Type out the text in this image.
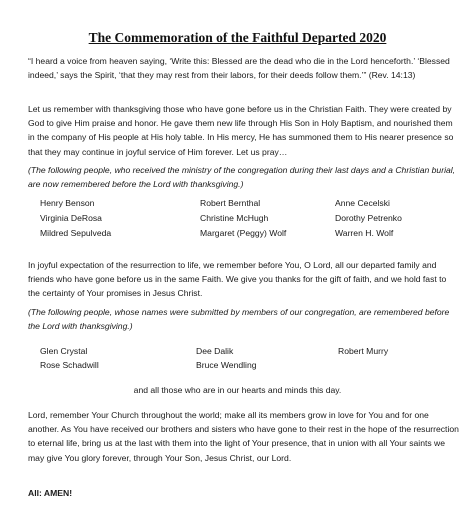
The Commemoration of the Faithful Departed 2020

“I heard a voice from heaven saying, ‘Write this: Blessed are the dead who die in the Lord henceforth.’ ‘Blessed indeed,’ says the Spirit, ‘that they may rest from their labors, for their deeds follow them.’” (Rev. 14:13)

Let us remember with thanksgiving those who have gone before us in the Christian Faith. They were created by God to give Him praise and honor. He gave them new life through His Son in Holy Baptism, and nourished them in the company of His people at His holy table. In His mercy, He has summoned them to His nearer presence so that they may continue in joyful service of Him forever. Let us pray…

(The following people, who received the ministry of the congregation during their last days and a Christian burial, are now remembered before the Lord with thanksgiving.)

Henry Benson	Robert Bernthal	Anne Cecelski
Virginia DeRosa	Christine McHugh	Dorothy Petrenko
Mildred Sepulveda	Margaret (Peggy) Wolf	Warren H. Wolf

In joyful expectation of the resurrection to life, we remember before You, O Lord, all our departed family and friends who have gone before us in the same Faith. We give you thanks for the gift of faith, and we hold fast to the certainty of Your promises in Jesus Christ.

(The following people, whose names were submitted by members of our congregation, are remembered before the Lord with thanksgiving.)

Glen Crystal	Dee Dalik	Robert Murry
Rose Schadwill	Bruce Wendling
and all those who are in our hearts and minds this day.

Lord, remember Your Church throughout the world; make all its members grow in love for You and for one another. As You have received our brothers and sisters who have gone to their rest in the hope of the resurrection to eternal life, bring us at the last with them into the light of Your presence, that in union with all Your saints we may give You glory forever, through Your Son, Jesus Christ, our Lord.

All: AMEN!
